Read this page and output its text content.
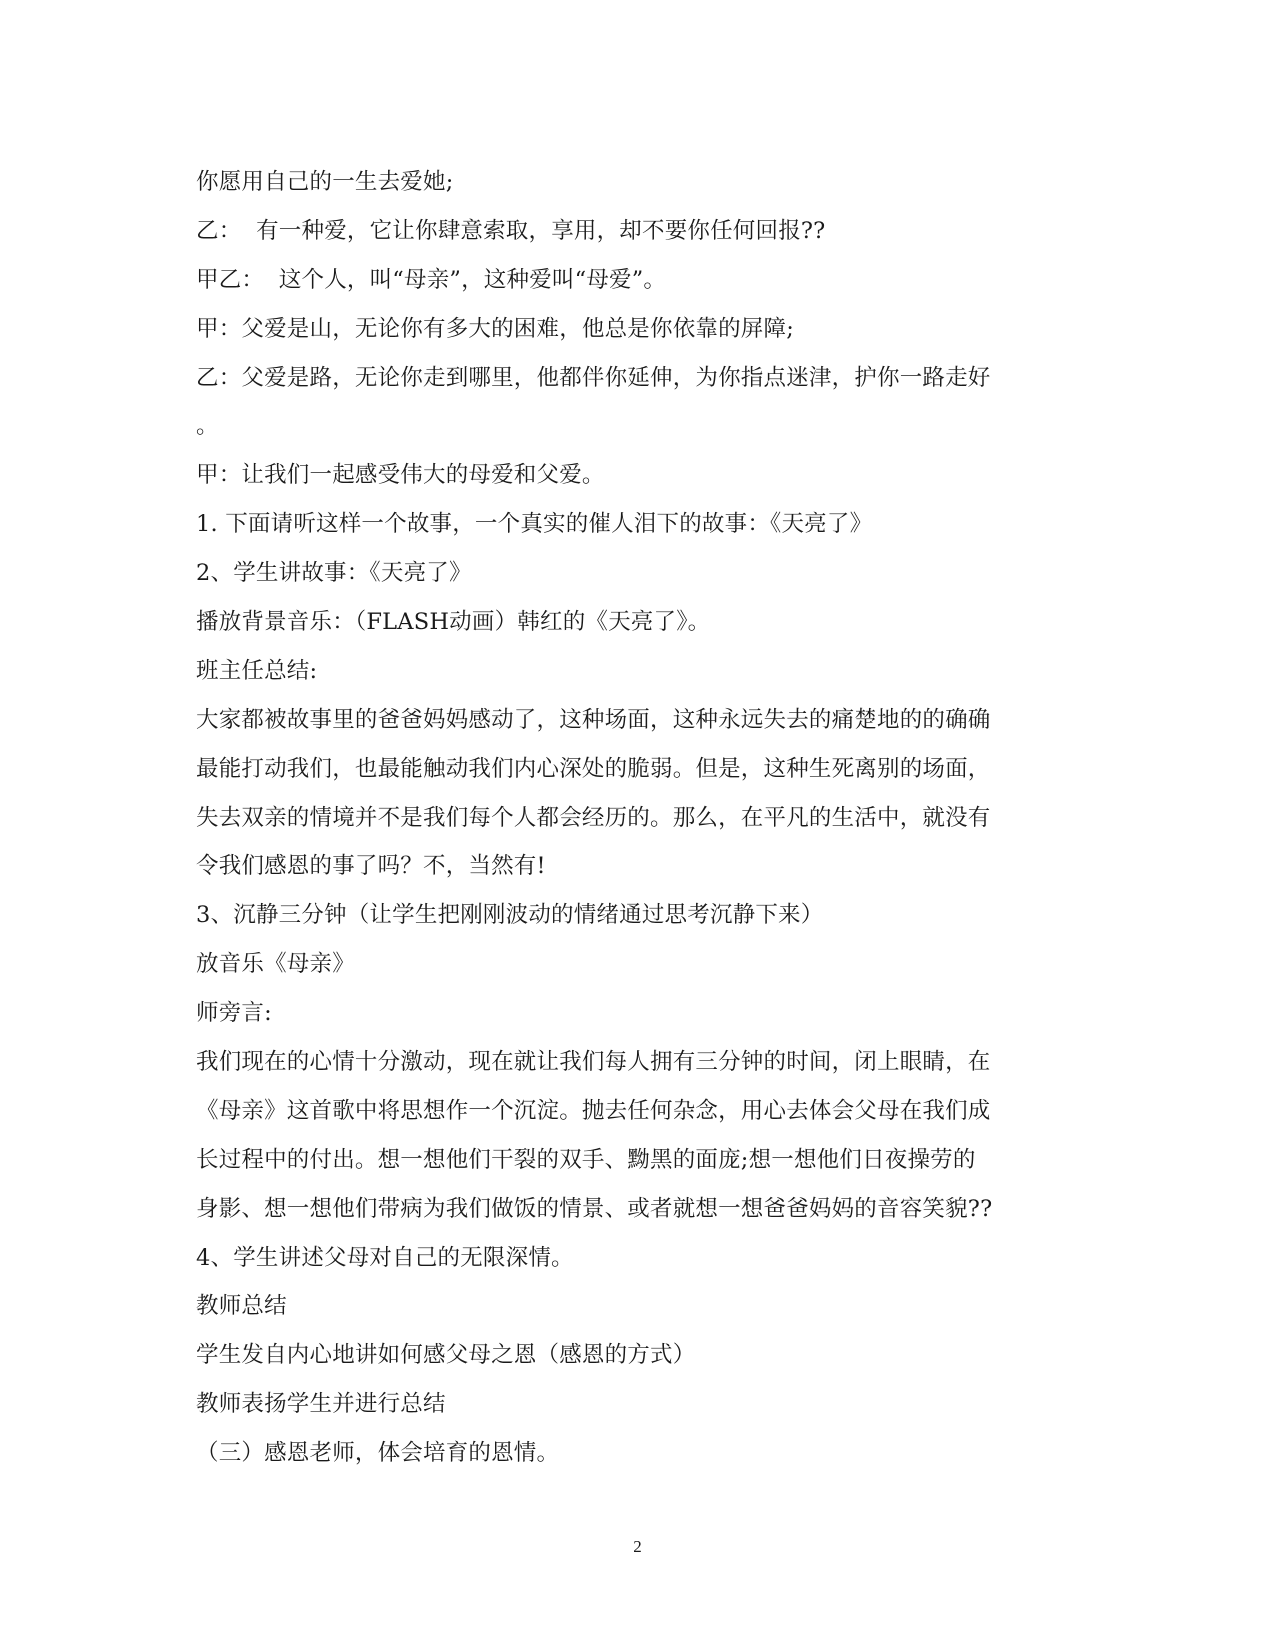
你愿用自己的一生去爱她;
乙：  有一种爱，它让你肆意索取，享用，却不要你任何回报??
甲乙：  这个人，叫“母亲”，这种爱叫“母爱”。
甲：父爱是山，无论你有多大的困难，他总是你依靠的屏障;
乙：父爱是路，无论你走到哪里，他都伴你延伸，为你指点迷津，护你一路走好
。
甲：让我们一起感受伟大的母爱和父爱。
1. 下面请听这样一个故事，一个真实的催人泪下的故事：《天亮了》
2、学生讲故事：《天亮了》
播放背景音乐：（FLASH动画）韩红的《天亮了》。
班主任总结:
大家都被故事里的爸爸妈妈感动了，这种场面，这种永远失去的痛楚地的的确确
最能打动我们，也最能触动我们内心深处的脆弱。但是，这种生死离别的场面，
失去双亲的情境并不是我们每个人都会经历的。那么，在平凡的生活中，就没有
令我们感恩的事了吗？不，当然有!
3、沉静三分钟（让学生把刚刚波动的情绪通过思考沉静下来）
放音乐《母亲》
师旁言:
我们现在的心情十分激动，现在就让我们每人拥有三分钟的时间，闭上眼睛，在
《母亲》这首歌中将思想作一个沉淀。抛去任何杂念，用心去体会父母在我们成
长过程中的付出。想一想他们干裂的双手、黝黑的面庞;想一想他们日夜操劳的
身影、想一想他们带病为我们做饭的情景、或者就想一想爸爸妈妈的音容笑貌??
4、学生讲述父母对自己的无限深情。
教师总结
学生发自内心地讲如何感父母之恩（感恩的方式）
教师表扬学生并进行总结
（三）感恩老师，体会培育的恩情。
2
